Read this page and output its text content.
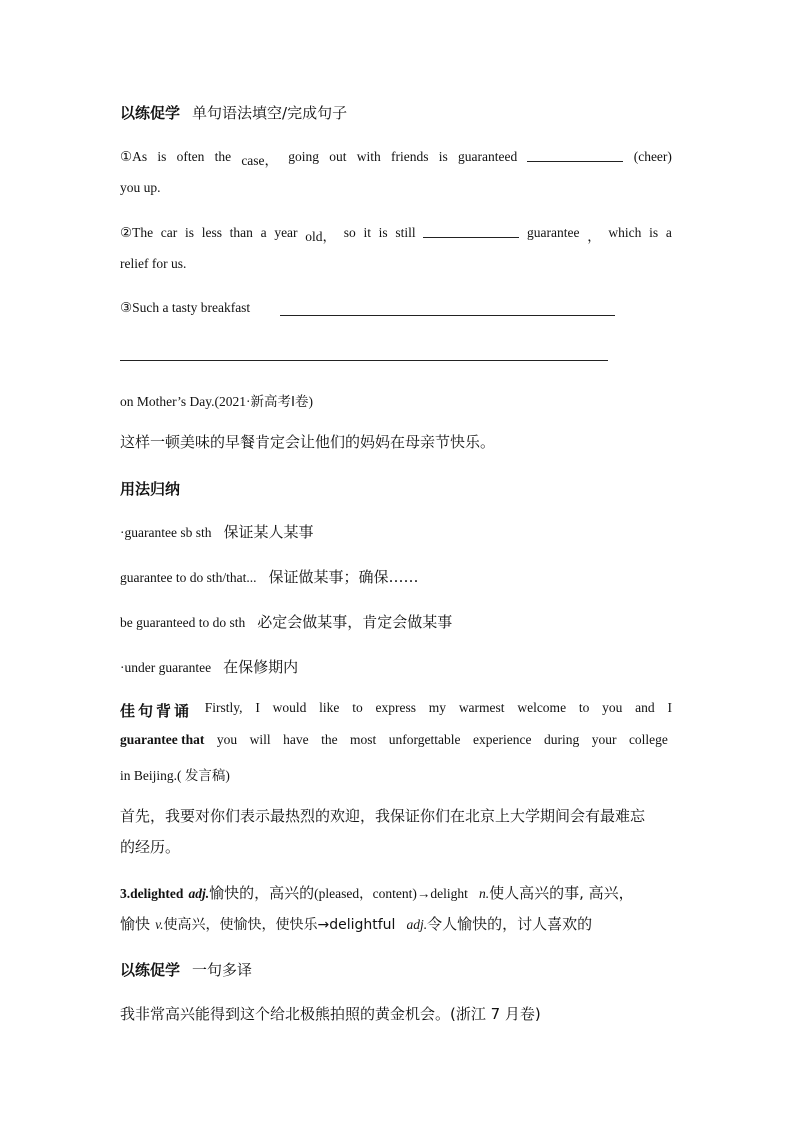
以练促学 单句语法填空/完成句子
①As is often the case， going out with friends is guaranteed	(cheer)
you up.
②The car is less than a year old， so it is still	guarantee ， which is a
relief for us.
③Such a tasty breakfast
on Mother’s Day.(2021·新高考Ⅰ卷)
这样一顿美味的早餐肯定会让他们的妈妈在母亲节快乐。
用法归纳
·guarantee sb sth 保证某人某事
guarantee to do sth/that... 保证做某事；确保……
be guaranteed to do sth 必定会做某事，肯定会做某事
·under guarantee 在保修期内
佳句背诵 Firstly, I would like to express my warmest welcome to you and I
guarantee that you will have the most unforgettable experience during your college
in Beijing.( 发言稿)
首先，我要对你们表示最热烈的欢迎，我保证你们在北京上大学期间会有最难忘
的经历。
3.delighted adj.愉快的，高兴的(pleased，content)→delight n.使人高兴的事, 高兴，
愉快 v.使高兴，使愉快，使快乐→delightful adj.令人愉快的，讨人喜欢的
以练促学 一句多译
我非常高兴能得到这个给北极熊拍照的黄金机会。(浙江 7 月卷)
